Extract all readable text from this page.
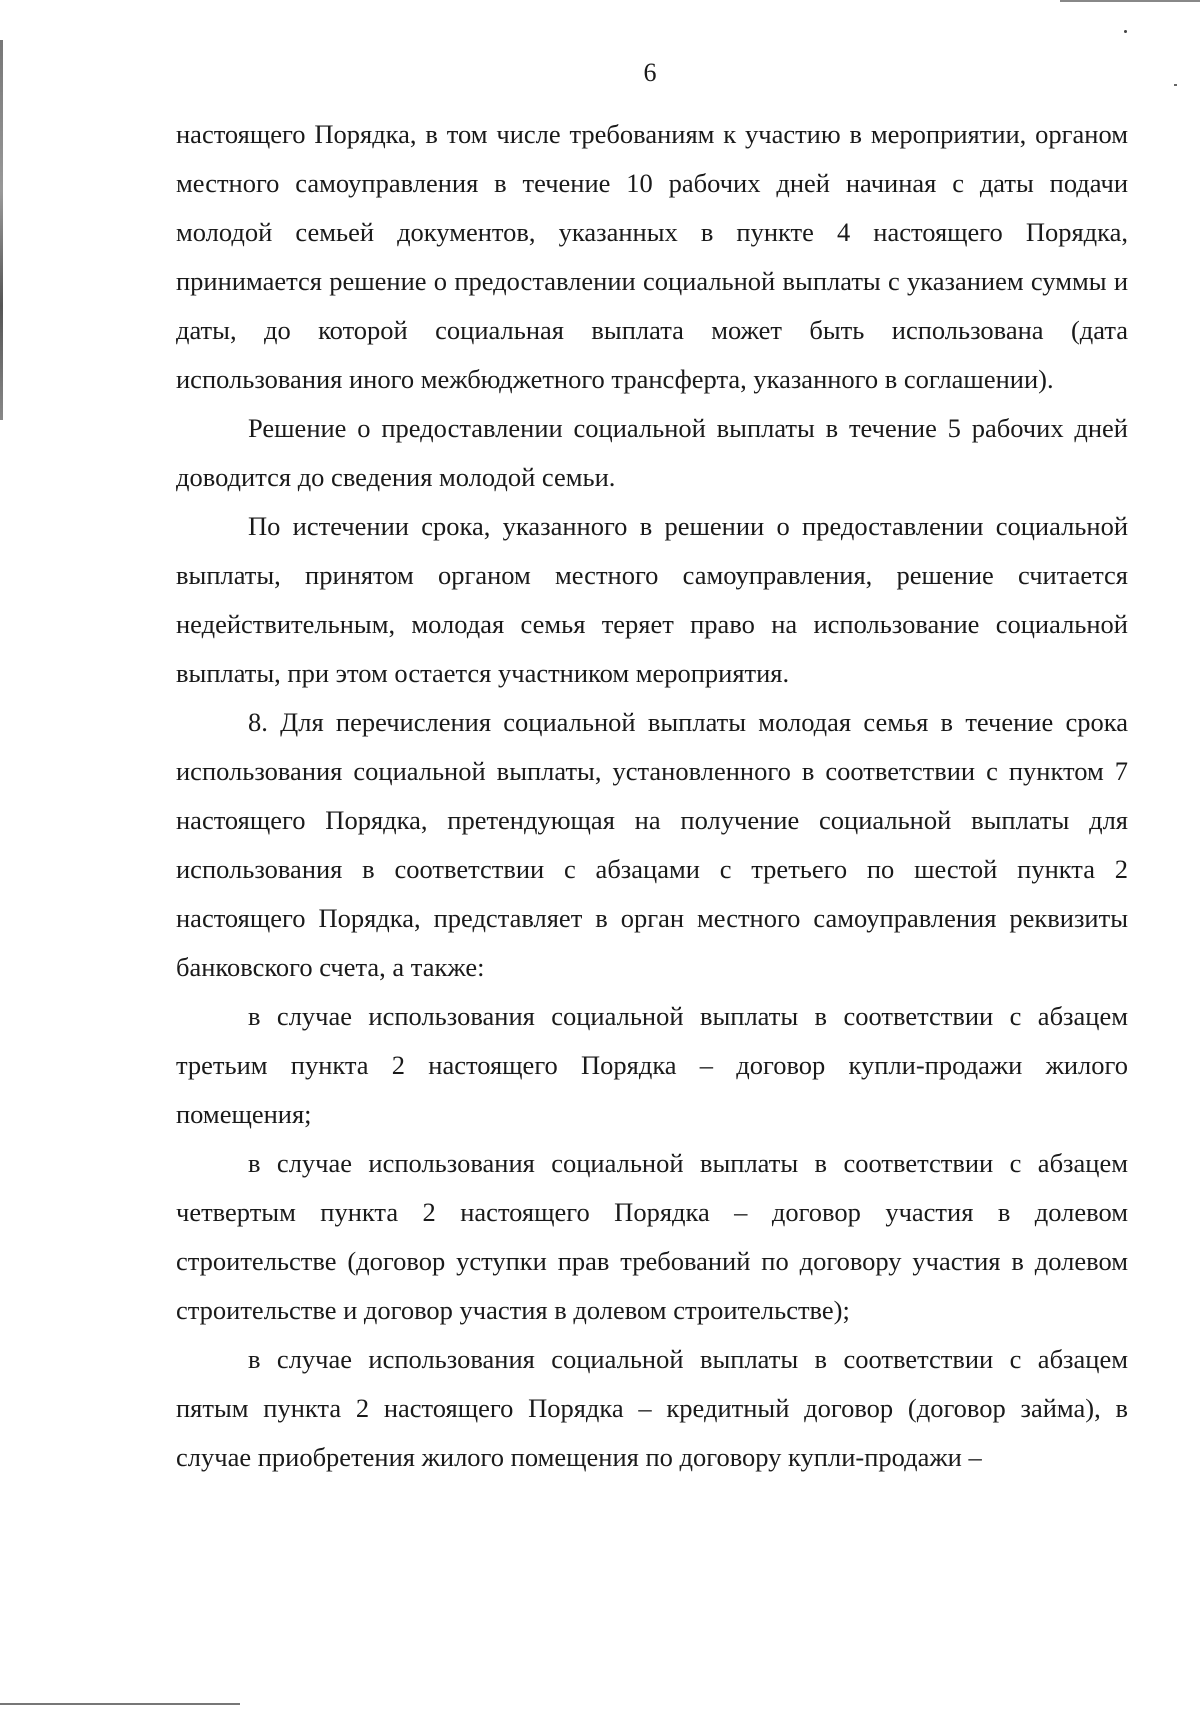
6

настоящего Порядка, в том числе требованиям к участию в мероприятии, органом местного самоуправления в течение 10 рабочих дней начиная с даты подачи молодой семьей документов, указанных в пункте 4 настоящего Порядка, принимается решение о предоставлении социальной выплаты с указанием суммы и даты, до которой социальная выплата может быть использована (дата использования иного межбюджетного трансферта, указанного в соглашении).

Решение о предоставлении социальной выплаты в течение 5 рабочих дней доводится до сведения молодой семьи.

По истечении срока, указанного в решении о предоставлении социальной выплаты, принятом органом местного самоуправления, решение считается недействительным, молодая семья теряет право на использование социальной выплаты, при этом остается участником мероприятия.

8. Для перечисления социальной выплаты молодая семья в течение срока использования социальной выплаты, установленного в соответствии с пунктом 7 настоящего Порядка, претендующая на получение социальной выплаты для использования в соответствии с абзацами с третьего по шестой пункта 2 настоящего Порядка, представляет в орган местного самоуправления реквизиты банковского счета, а также:

в случае использования социальной выплаты в соответствии с абзацем третьим пункта 2 настоящего Порядка – договор купли-продажи жилого помещения;

в случае использования социальной выплаты в соответствии с абзацем четвертым пункта 2 настоящего Порядка – договор участия в долевом строительстве (договор уступки прав требований по договору участия в долевом строительстве и договор участия в долевом строительстве);

в случае использования социальной выплаты в соответствии с абзацем пятым пункта 2 настоящего Порядка – кредитный договор (договор займа), в случае приобретения жилого помещения по договору купли-продажи –
